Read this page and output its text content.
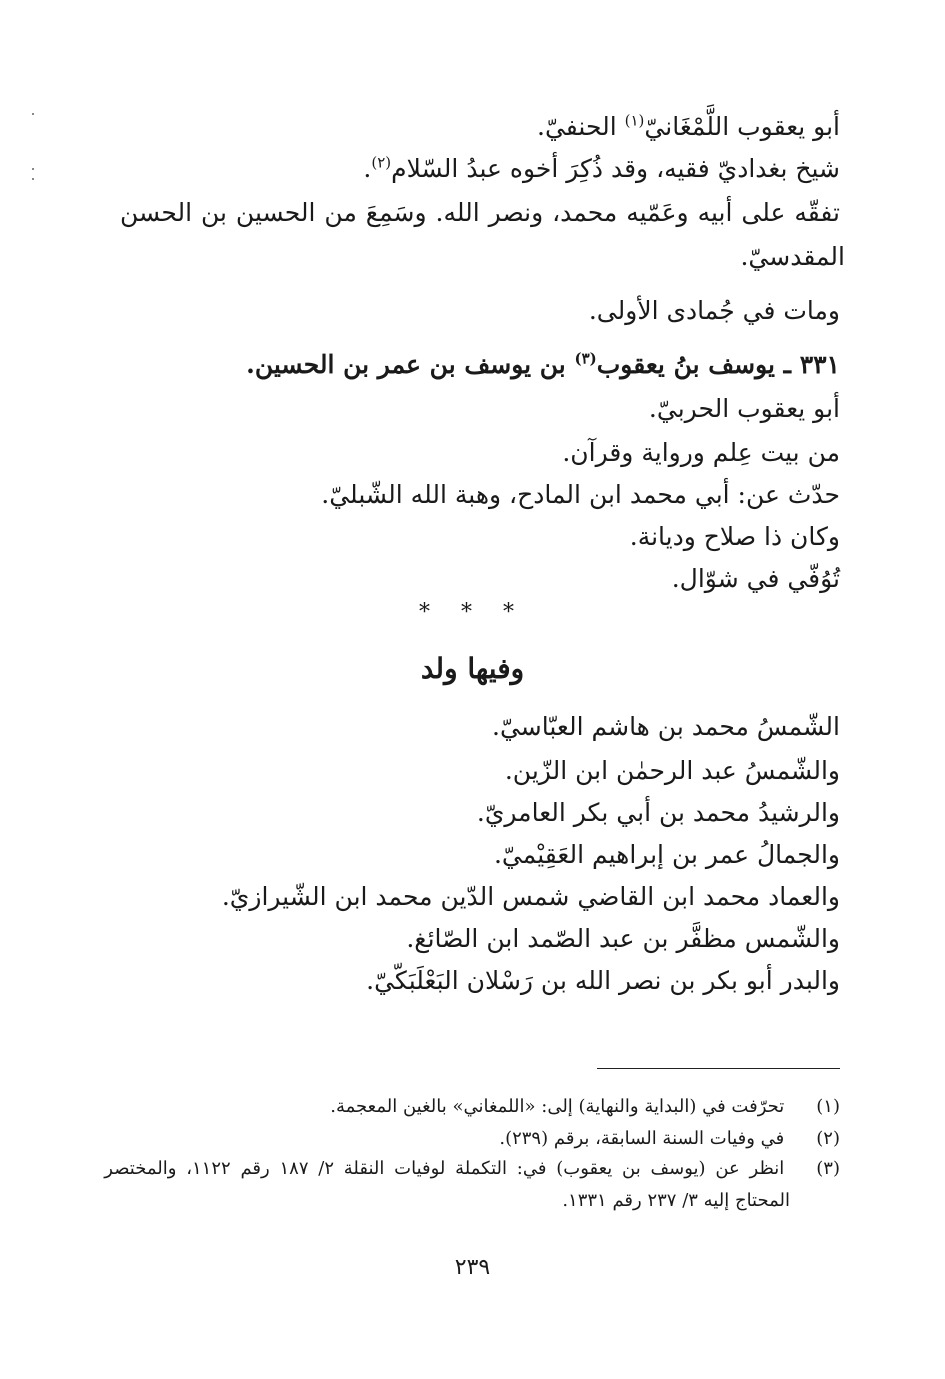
أبو يعقوب اللَّمْغَانيّ$^{(١)}$ الحنفيّ.
شيخ بغداديّ فقيه، وقد ذُكِرَ أخوه عبدُ السّلام$^{(٢)}$.
تفقّه على أبيه وعَمّيه محمد، ونصر الله. وسَمِعَ من الحسين بن الحسن
المقدسيّ.
ومات في جُمادى الأولى.
٣٣١ ـ يوسف بنُ يعقوب$^{(٣)}$ بن يوسف بن عمر بن الحسين.
أبو يعقوب الحربيّ.
من بيت عِلم ورواية وقرآن.
حدّث عن: أبي محمد ابن المادح، وهبة الله الشّبليّ.
وكان ذا صلاح وديانة.
تُوُفّي في شوّال.
* * *
وفيها ولد
الشّمسُ محمد بن هاشم العبّاسيّ.
والشّمسُ عبد الرحمٰن ابن الزّين.
والرشيدُ محمد بن أبي بكر العامريّ.
والجمالُ عمر بن إبراهيم العَقِيْميّ.
والعماد محمد ابن القاضي شمس الدّين محمد ابن الشّيرازيّ.
والشّمس مظفَّر بن عبد الصّمد ابن الصّائغ.
والبدر أبو بكر بن نصر الله بن رَسْلان البَعْلَبَكّيّ.
(١) تحرّفت في (البداية والنهاية) إلى: «اللمغاني» بالغين المعجمة.
(٢) في وفيات السنة السابقة، برقم (٢٣٩).
(٣) انظر عن (يوسف بن يعقوب) في: التكملة لوفيات النقلة ٢/ ١٨٧ رقم ١١٢٢، والمختصر
المحتاج إليه ٣/ ٢٣٧ رقم ١٣٣١.
٢٣٩
